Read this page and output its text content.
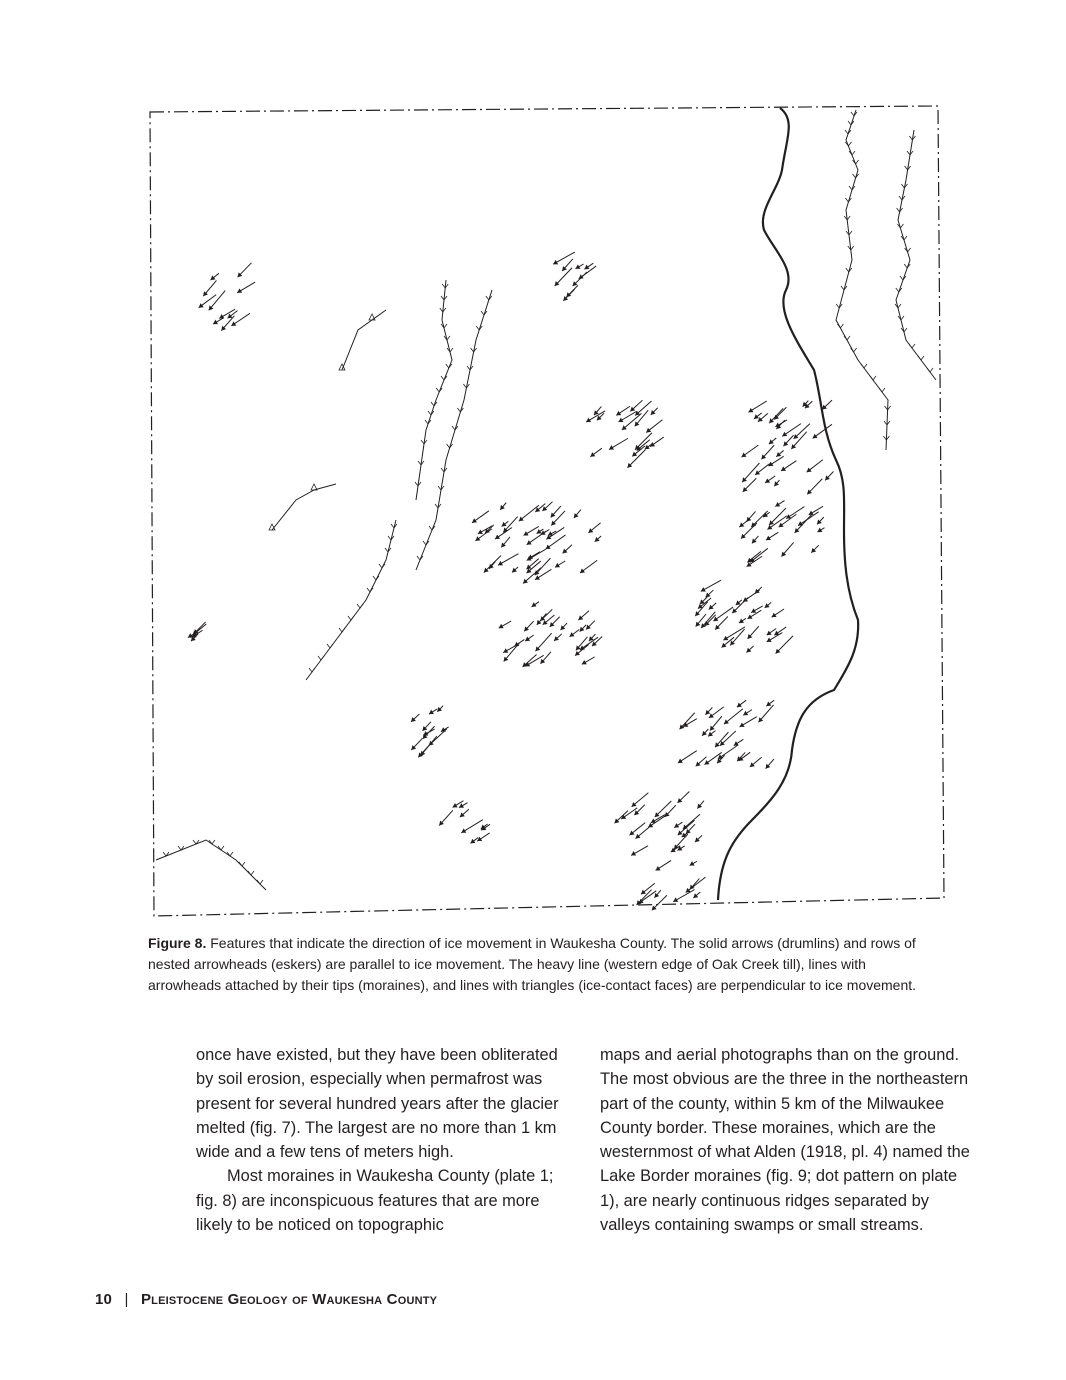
Figure 8. Features that indicate the direction of ice movement in Waukesha County. The solid arrows (drumlins) and rows of nested arrowheads (eskers) are parallel to ice movement. The heavy line (western edge of Oak Creek till), lines with arrowheads attached by their tips (moraines), and lines with triangles (ice-contact faces) are perpendicular to ice movement.

once have existed, but they have been obliterated by soil erosion, especially when permafrost was present for several hundred years after the glacier melted (fig. 7). The largest are no more than 1 km wide and a few tens of meters high.

Most moraines in Waukesha County (plate 1; fig. 8) are inconspicuous features that are more likely to be noticed on topographic

maps and aerial photographs than on the ground. The most obvious are the three in the northeastern part of the county, within 5 km of the Milwaukee County border. These moraines, which are the westernmost of what Alden (1918, pl. 4) named the Lake Border moraines (fig. 9; dot pattern on plate 1), are nearly continuous ridges separated by valleys containing swamps or small streams.

10 | Pleistocene Geology of Waukesha County
